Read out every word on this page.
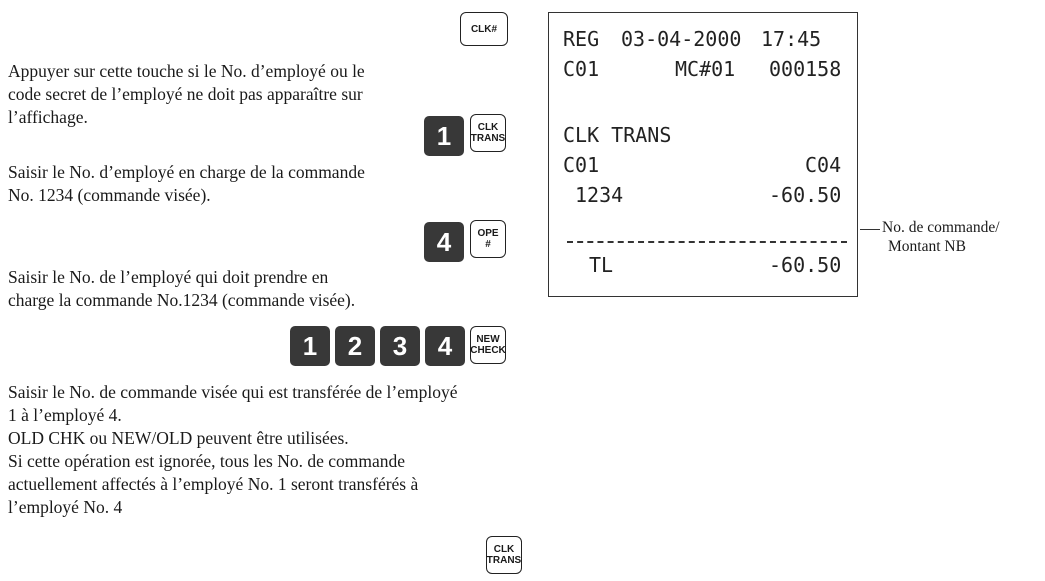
CLK#

Appuyer sur cette touche si le No. d’employé ou le

code secret de l’employé ne doit pas apparaître sur

l’affichage.

1	CLK
TRANS

Saisir le No. d’employé en charge de la commande

No. 1234 (commande visée).

4	OPE
#

Saisir le No. de l’employé qui doit prendre en

charge la commande No.1234 (commande visée).

1 2 3 4 NEW
CHECK

Saisir le No. de commande visée qui est transférée de l’employé

1 à l’employé 4.

OLD CHK ou NEW/OLD peuvent être utilisées.

Si cette opération est ignorée, tous les No. de commande

actuellement affectés à l’employé No. 1 seront transférés à

l’employé No. 4

CLK
TRANS
REG 03-04-2000 17:45
C01	MC#01 000158
CLK TRANS
C01	C04
1234	-60.50
TL	-60.50
No. de commande/
Montant NB
